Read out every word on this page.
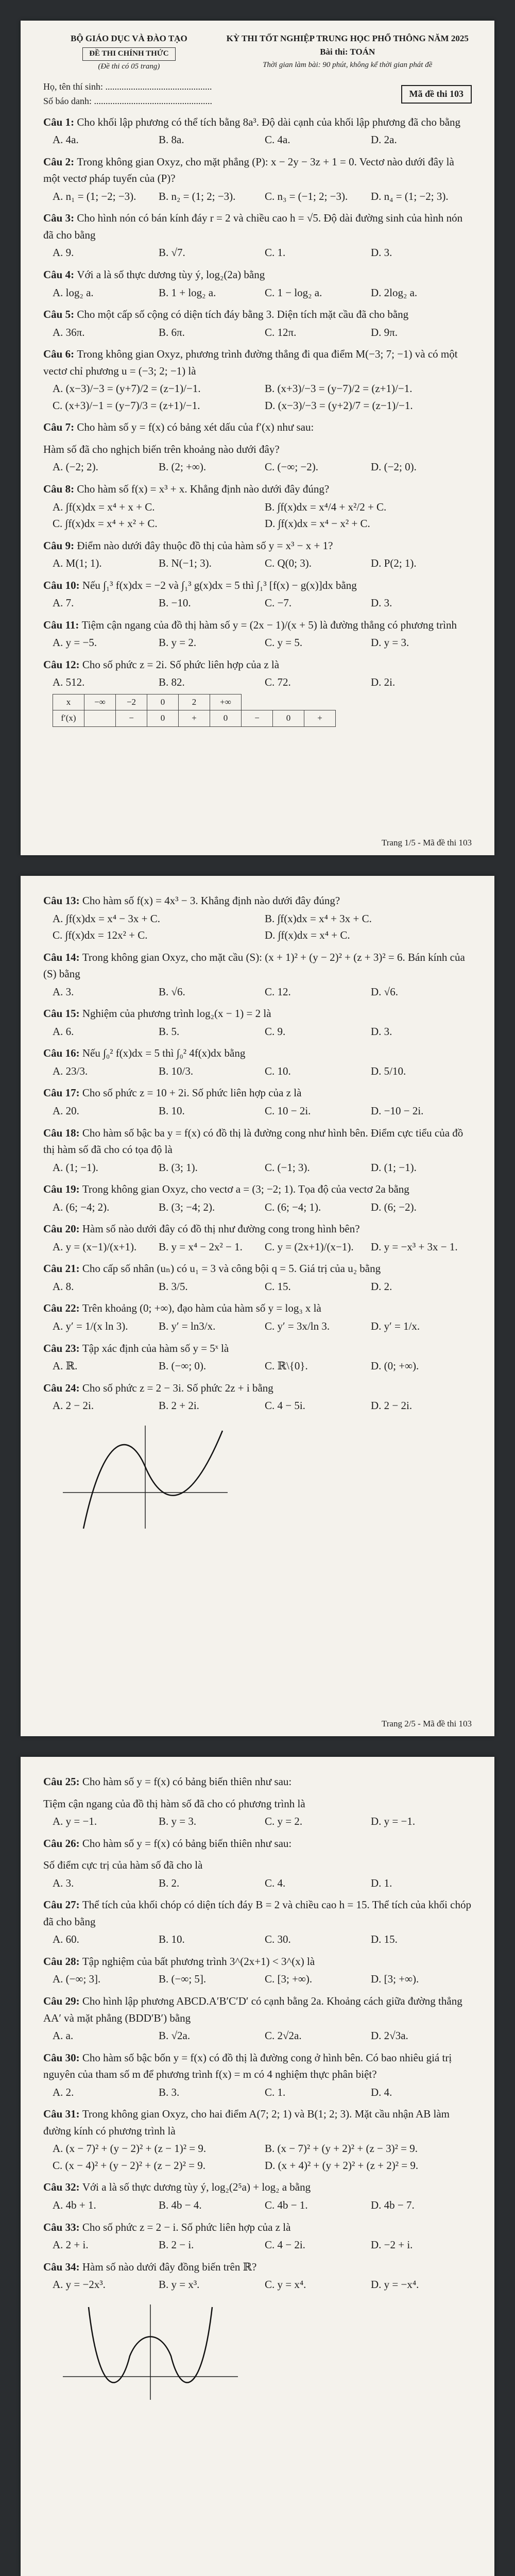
BỘ GIÁO DỤC VÀ ĐÀO TẠO
ĐỀ THI CHÍNH THỨC
(Đề thi có 05 trang)
KỲ THI TỐT NGHIỆP TRUNG HỌC PHỔ THÔNG NĂM 2025
Bài thi: TOÁN
Thời gian làm bài: 90 phút, không kể thời gian phát đề
Họ, tên thí sinh: ..............................................
Số báo danh: ...................................................
Mã đề thi 103
Câu 1: Cho khối lập phương có thể tích bằng 8a³. Độ dài cạnh của khối lập phương đã cho bằng
A. 4a.	B. 8a.	C. 4a.	D. 2a.
Câu 2: Trong không gian Oxyz, cho mặt phẳng (P): x − 2y − 3z + 1 = 0. Vectơ nào dưới đây là một vectơ pháp tuyến của (P)?
A. n₁ = (1; −2; −3).	B. n₂ = (1; 2; −3).	C. n₃ = (−1; 2; −3).	D. n₄ = (1; −2; 3).
Câu 3: Cho hình nón có bán kính đáy r = 2 và chiều cao h = √5. Độ dài đường sinh của hình nón đã cho bằng
A. 9.	B. √7.	C. 1.	D. 3.
Câu 4: Với a là số thực dương tùy ý, log₂(2a) bằng
A. log₂ a.	B. 1 + log₂ a.	C. 1 − log₂ a.	D. 2log₂ a.
Câu 5: Cho một cấp số cộng có diện tích đáy bằng 3. Diện tích mặt cầu đã cho bằng
A. 36π.	B. 6π.	C. 12π.	D. 9π.
Câu 6: Trong không gian Oxyz, phương trình đường thẳng đi qua điểm M(−3; 7; −1) và có một vectơ chỉ phương u = (−3; 2; −1) là
A. (x−3)/−3 = (y+7)/2 = (z−1)/−1.	B. (x+3)/−3 = (y−7)/2 = (z+1)/−1.
C. (x+3)/−1 = (y−7)/3 = (z+1)/−1.	D. (x−3)/−3 = (y+2)/7 = (z−1)/−1.
Câu 7: Cho hàm số y = f(x) có bảng xét dấu của f′(x) như sau:
Hàm số đã cho nghịch biến trên khoảng nào dưới đây?
A. (−2; 2).	B. (2; +∞).	C. (−∞; −2).	D. (−2; 0).
Câu 8: Cho hàm số f(x) = x³ + x. Khẳng định nào dưới đây đúng?
A. ∫f(x)dx = x⁴ + x + C.	B. ∫f(x)dx = x⁴/4 + x²/2 + C.
C. ∫f(x)dx = x⁴ + x² + C.	D. ∫f(x)dx = x⁴ − x² + C.
Câu 9: Điểm nào dưới đây thuộc đồ thị của hàm số y = x³ − x + 1?
A. M(1; 1).	B. N(−1; 3).	C. Q(0; 3).	D. P(2; 1).
Câu 10: Nếu ∫₁³ f(x)dx = −2 và ∫₁³ g(x)dx = 5 thì ∫₁³ [f(x) − g(x)]dx bằng
A. 7.	B. −10.	C. −7.	D. 3.
Câu 11: Tiệm cận ngang của đồ thị hàm số y = (2x − 1)/(x + 5) là đường thẳng có phương trình
A. y = −5.	B. y = 2.	C. y = 5.	D. y = 3.
Câu 12: Cho số phức z = 2i. Số phức liên hợp của z là
A. 512.	B. 82.	C. 72.	D. 2i.
x	−∞	−2	0	2	+∞			
f′(x)		−	0	+	0	−	0	+
Trang 1/5 - Mã đề thi 103
Câu 13: Cho hàm số f(x) = 4x³ − 3. Khẳng định nào dưới đây đúng?
A. ∫f(x)dx = x⁴ − 3x + C.	B. ∫f(x)dx = x⁴ + 3x + C.
C. ∫f(x)dx = 12x² + C.	D. ∫f(x)dx = x⁴ + C.
Câu 14: Trong không gian Oxyz, cho mặt cầu (S): (x + 1)² + (y − 2)² + (z + 3)² = 6. Bán kính của (S) bằng
A. 3.	B. √6.	C. 12.	D. √6.
Câu 15: Nghiệm của phương trình log₂(x − 1) = 2 là
A. 6.	B. 5.	C. 9.	D. 3.
Câu 16: Nếu ∫₀² f(x)dx = 5 thì ∫₀² 4f(x)dx bằng
A. 23/3.	B. 10/3.	C. 10.	D. 5/10.
Câu 17: Cho số phức z = 10 + 2i. Số phức liên hợp của z là
A. 20.	B. 10.	C. 10 − 2i.	D. −10 − 2i.
Câu 18: Cho hàm số bậc ba y = f(x) có đồ thị là đường cong như hình bên. Điểm cực tiểu của đồ thị hàm số đã cho có tọa độ là
A. (1; −1).	B. (3; 1).	C. (−1; 3).	D. (1; −1).
Câu 19: Trong không gian Oxyz, cho vectơ a = (3; −2; 1). Tọa độ của vectơ 2a bằng
A. (6; −4; 2).	B. (3; −4; 2).	C. (6; −4; 1).	D. (6; −2).
Câu 20: Hàm số nào dưới đây có đồ thị như đường cong trong hình bên?
A. y = (x−1)/(x+1).	B. y = x⁴ − 2x² − 1.	C. y = (2x+1)/(x−1).	D. y = −x³ + 3x − 1.
Câu 21: Cho cấp số nhân (uₙ) có u₁ = 3 và công bội q = 5. Giá trị của u₂ bằng
A. 8.	B. 3/5.	C. 15.	D. 2.
Câu 22: Trên khoảng (0; +∞), đạo hàm của hàm số y = log₃ x là
A. y′ = 1/(x ln 3).	B. y′ = ln3/x.	C. y′ = 3x/ln 3.	D. y′ = 1/x.
Câu 23: Tập xác định của hàm số y = 5ˣ là
A. ℝ.	B. (−∞; 0).	C. ℝ\{0}.	D. (0; +∞).
Câu 24: Cho số phức z = 2 − 3i. Số phức 2z + i bằng
A. 2 − 2i.	B. 2 + 2i.	C. 4 − 5i.	D. 2 − 2i.
Trang 2/5 - Mã đề thi 103
Câu 25: Cho hàm số y = f(x) có bảng biến thiên như sau:
Tiệm cận ngang của đồ thị hàm số đã cho có phương trình là
A. y = −1.	B. y = 3.	C. y = 2.	D. y = −1.
Câu 26: Cho hàm số y = f(x) có bảng biến thiên như sau:
Số điểm cực trị của hàm số đã cho là
A. 3.	B. 2.	C. 4.	D. 1.
Câu 27: Thể tích của khối chóp có diện tích đáy B = 2 và chiều cao h = 15. Thể tích của khối chóp đã cho bằng
A. 60.	B. 10.	C. 30.	D. 15.
Câu 28: Tập nghiệm của bất phương trình 3^(2x+1) < 3^(x) là
A. (−∞; 3].	B. (−∞; 5].	C. [3; +∞).	D. [3; +∞).
Câu 29: Cho hình lập phương ABCD.A′B′C′D′ có cạnh bằng 2a. Khoảng cách giữa đường thẳng AA′ và mặt phẳng (BDD′B′) bằng
A. a.	B. √2a.	C. 2√2a.	D. 2√3a.
Câu 30: Cho hàm số bậc bốn y = f(x) có đồ thị là đường cong ở hình bên. Có bao nhiêu giá trị nguyên của tham số m để phương trình f(x) = m có 4 nghiệm thực phân biệt?
A. 2.	B. 3.	C. 1.	D. 4.
Câu 31: Trong không gian Oxyz, cho hai điểm A(7; 2; 1) và B(1; 2; 3). Mặt cầu nhận AB làm đường kính có phương trình là
A. (x − 7)² + (y − 2)² + (z − 1)² = 9.	B. (x − 7)² + (y + 2)² + (z − 3)² = 9.
C. (x − 4)² + (y − 2)² + (z − 2)² = 9.	D. (x + 4)² + (y + 2)² + (z + 2)² = 9.
Câu 32: Với a là số thực dương tùy ý, log₂(2⁵a) + log₂ a bằng
A. 4b + 1.	B. 4b − 4.	C. 4b − 1.	D. 4b − 7.
Câu 33: Cho số phức z = 2 − i. Số phức liên hợp của z là
A. 2 + i.	B. 2 − i.	C. 4 − 2i.	D. −2 + i.
Câu 34: Hàm số nào dưới đây đồng biến trên ℝ?
A. y = −2x³.	B. y = x³.	C. y = x⁴.	D. y = −x⁴.
